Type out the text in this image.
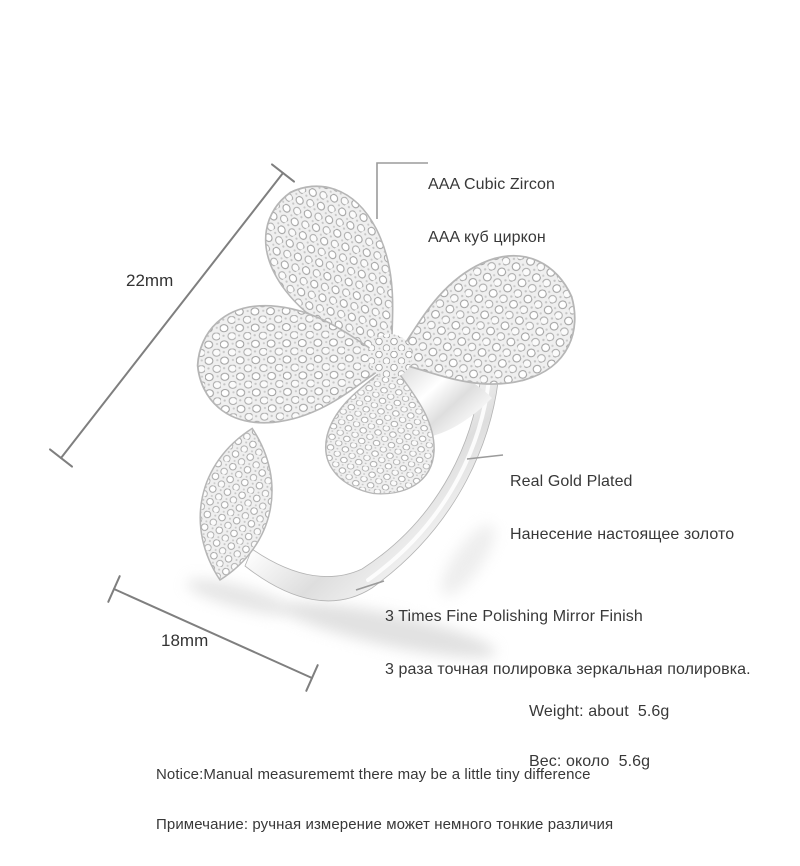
AAA Cubic Zircon

AAA куб циркон

Real Gold Plated

Нанесение настоящее золото

3 Times Fine Polishing Mirror Finish

3 раза точная полировка зеркальная полировка.

Weight: about  5.6g

Вес: около  5.6g

Notice:Manual measurememt there may be a little tiny difference

Примечание: ручная измерение может немного тонкие различия

22mm
18mm
